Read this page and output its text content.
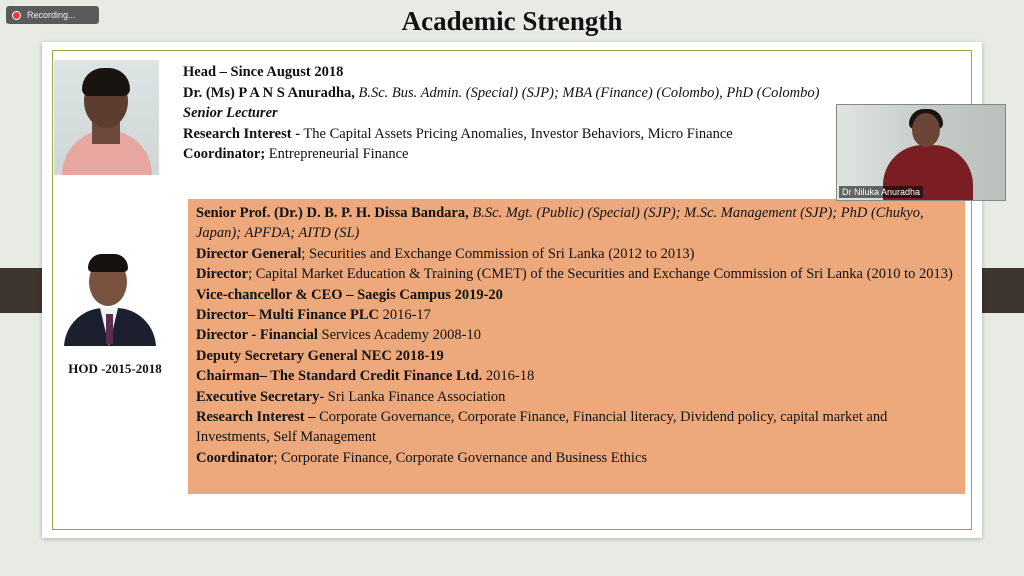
Recording...	Academic Strength
Head – Since August 2018
Dr. (Ms) P A N S Anuradha, B.Sc. Bus. Admin. (Special) (SJP); MBA (Finance) (Colombo), PhD (Colombo)
Senior Lecturer
Research Interest - The Capital Assets Pricing Anomalies, Investor Behaviors, Micro Finance
Coordinator; Entrepreneurial Finance
HOD -2015-2018
Senior Prof. (Dr.) D. B. P. H. Dissa Bandara, B.Sc. Mgt. (Public) (Special) (SJP); M.Sc. Management (SJP); PhD (Chukyo, Japan); APFDA; AITD (SL)
Director General; Securities and Exchange Commission of Sri Lanka (2012 to 2013)
Director; Capital Market Education & Training (CMET) of the Securities and Exchange Commission of Sri Lanka (2010 to 2013)
Vice-chancellor & CEO – Saegis Campus 2019-20
Director– Multi Finance PLC 2016-17
Director - Financial Services Academy 2008-10
Deputy Secretary General NEC 2018-19
Chairman– The Standard Credit Finance Ltd. 2016-18
Executive Secretary- Sri Lanka Finance Association
Research Interest – Corporate Governance, Corporate Finance, Financial literacy, Dividend policy, capital market and Investments, Self Management
Coordinator; Corporate Finance, Corporate Governance and Business Ethics
Dr Niluka Anuradha
